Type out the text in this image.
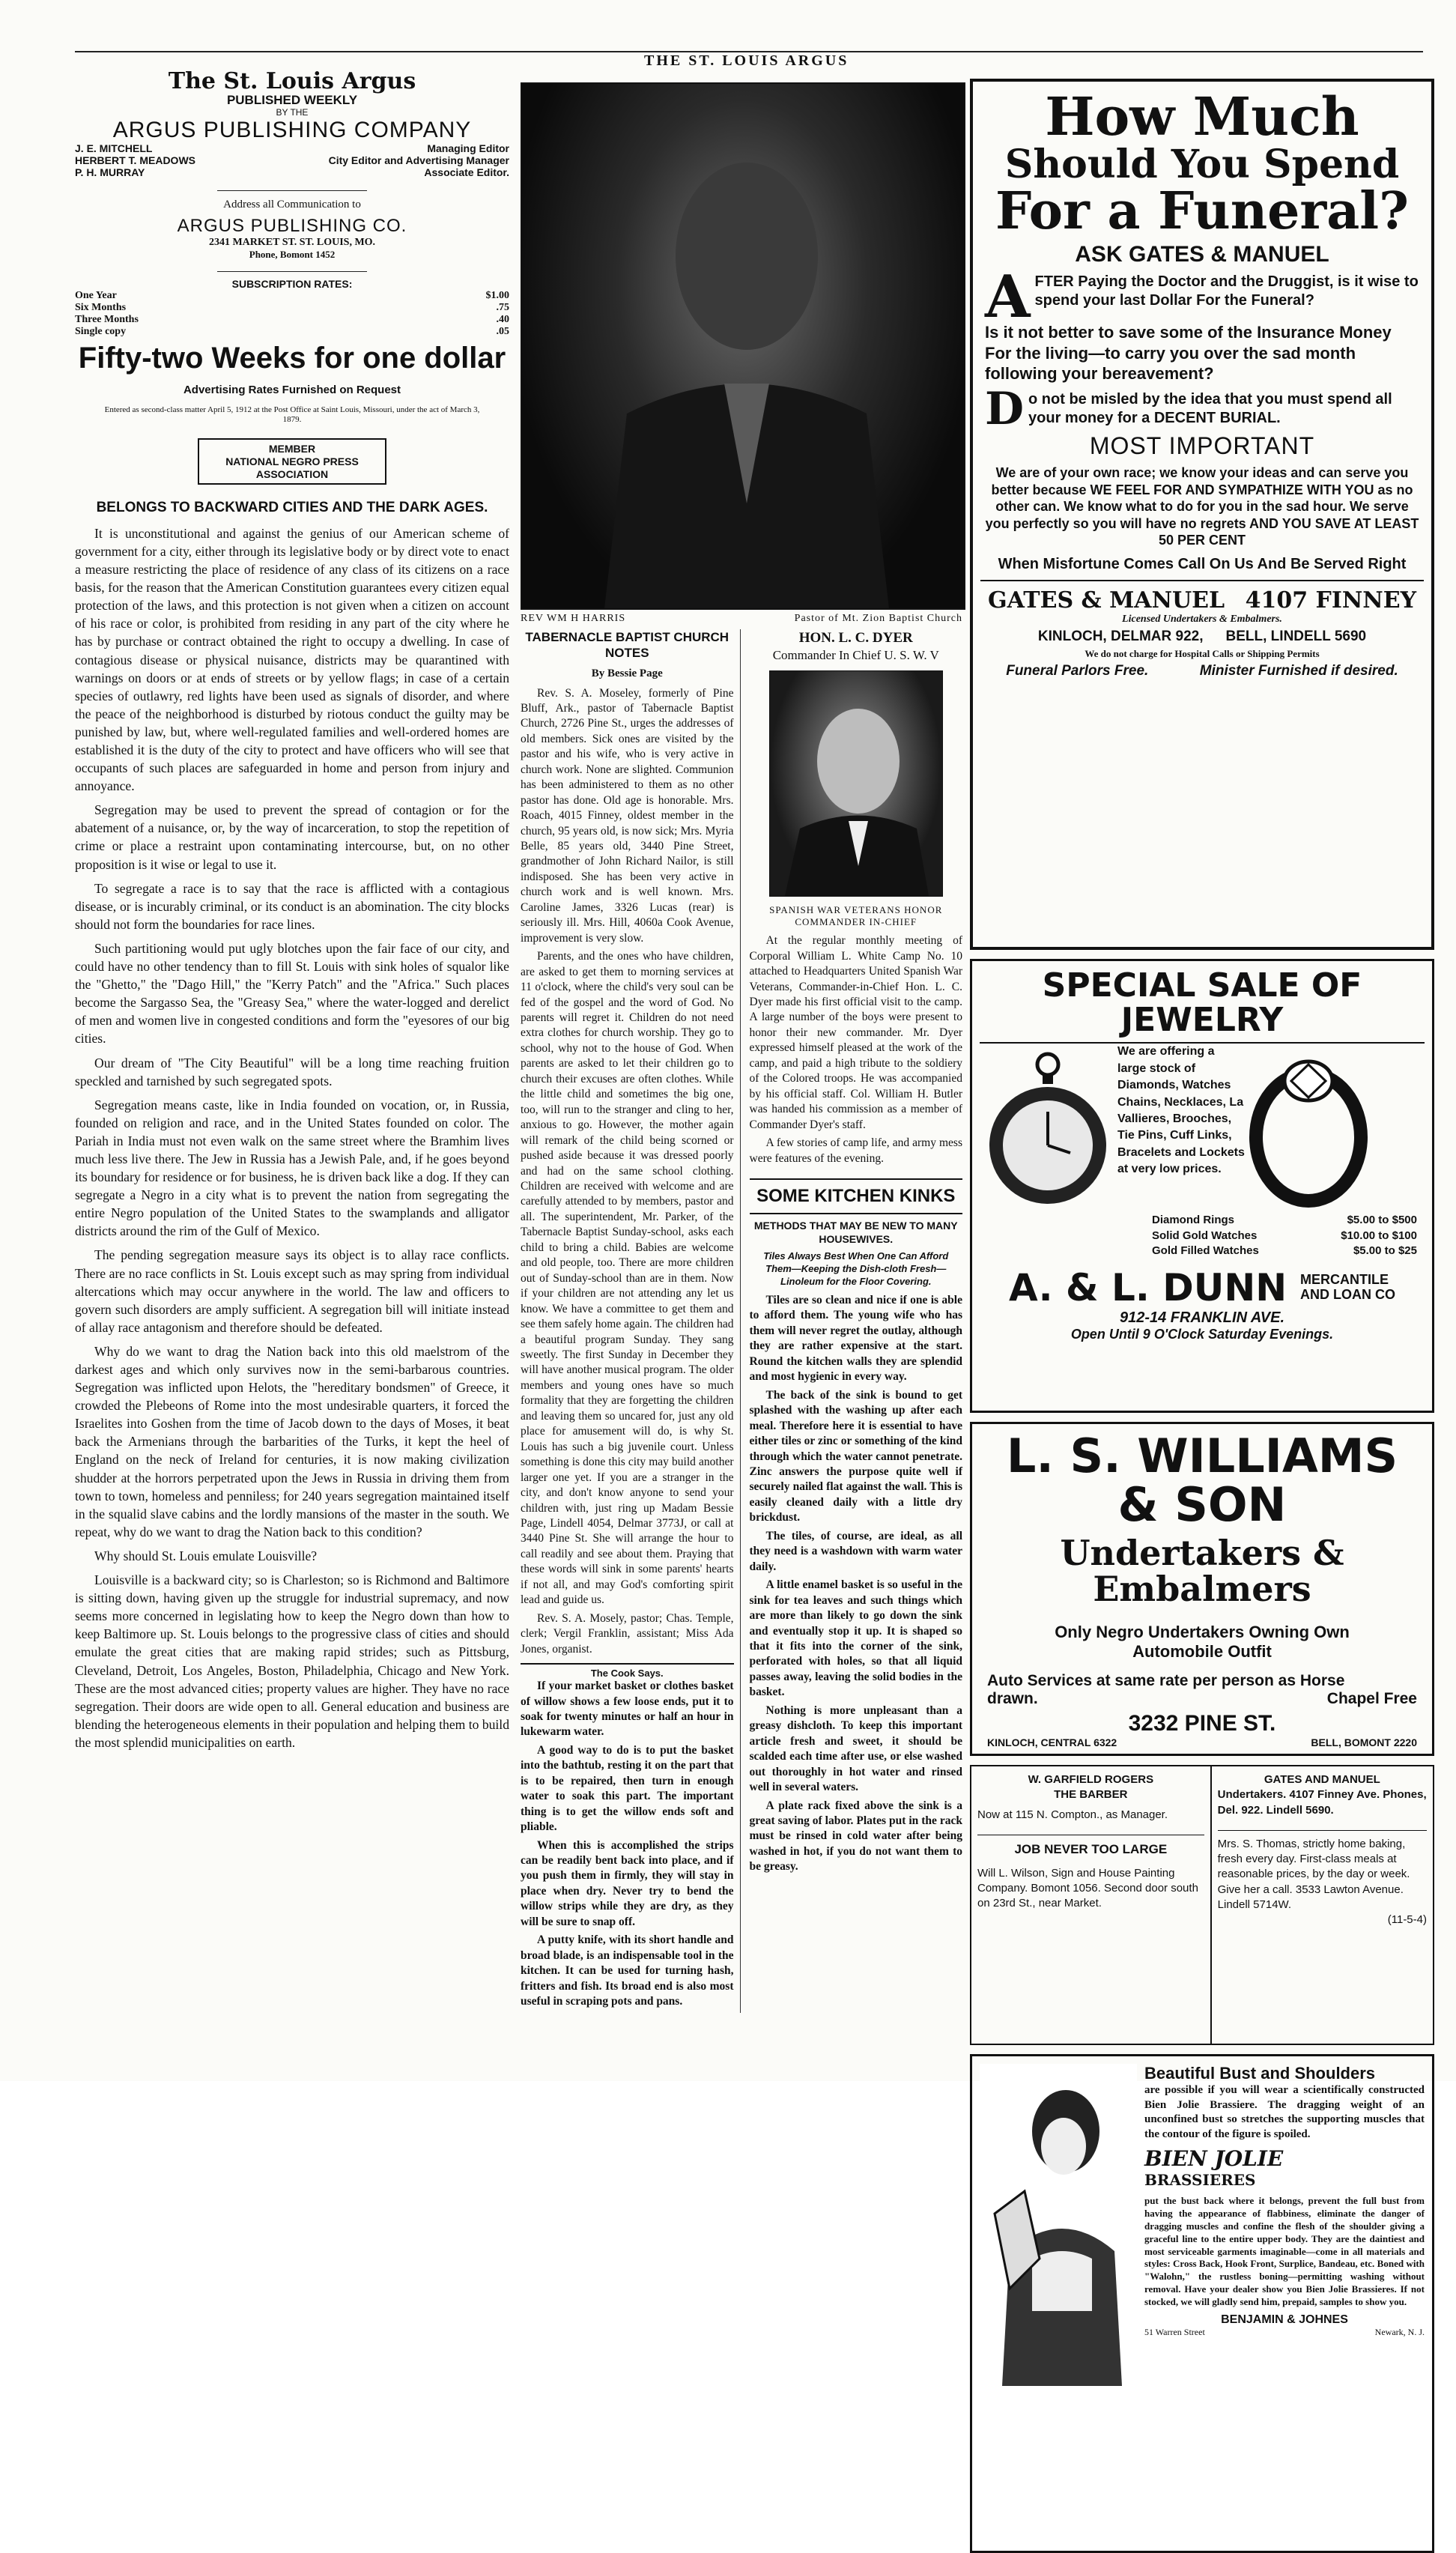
THE ST. LOUIS ARGUS
The St. Louis Argus
PUBLISHED WEEKLY
BY THE
ARGUS PUBLISHING COMPANY
J. E. MITCHELL	Managing Editor
HERBERT T. MEADOWS	City Editor and Advertising Manager
P. H. MURRAY	Associate Editor.
Address all Communication to
ARGUS PUBLISHING CO.
2341 MARKET ST. ST. LOUIS, MO.
Phone, Bomont 1452
SUBSCRIPTION RATES:
One Year	$1.00
Six Months	.75
Three Months	.40
Single copy	.05
Fifty-two Weeks for one dollar
Advertising Rates Furnished on Request
Entered as second-class matter April 5, 1912 at the Post Office at Saint Louis, Missouri, under the act of March 3, 1879.
MEMBER
NATIONAL NEGRO PRESS
ASSOCIATION
BELONGS TO BACKWARD CITIES AND THE DARK AGES.

It is unconstitutional and against the genius of our American scheme of government for a city, either through its legislative body or by direct vote to enact a measure restricting the place of residence of any class of its citizens on a race basis, for the reason that the American Constitution guarantees every citizen equal protection of the laws, and this protection is not given when a citizen on account of his race or color, is prohibited from residing in any part of the city where he has by purchase or contract obtained the right to occupy a dwelling. In case of contagious disease or physical nuisance, districts may be quarantined with warnings on doors or at ends of streets or by yellow flags; in case of a certain species of outlawry, red lights have been used as signals of disorder, and where the peace of the neighborhood is disturbed by riotous conduct the guilty may be punished by law, but, where well-regulated families and well-ordered homes are established it is the duty of the city to protect and have officers who will see that occupants of such places are safeguarded in home and person from injury and annoyance.

Segregation may be used to prevent the spread of contagion or for the abatement of a nuisance, or, by the way of incarceration, to stop the repetition of crime or place a restraint upon contaminating intercourse, but, on no other proposition is it wise or legal to use it.

To segregate a race is to say that the race is afflicted with a contagious disease, or is incurably criminal, or its conduct is an abomination. The city blocks should not form the boundaries for race lines.

Such partitioning would put ugly blotches upon the fair face of our city, and could have no other tendency than to fill St. Louis with sink holes of squalor like the "Ghetto," the "Dago Hill," the "Kerry Patch" and the "Africa." Such places become the Sargasso Sea, the "Greasy Sea," where the water-logged and derelict of men and women live in congested conditions and form the "eyesores of our big cities.

Our dream of "The City Beautiful" will be a long time reaching fruition speckled and tarnished by such segregated spots.

Segregation means caste, like in India founded on vocation, or, in Russia, founded on religion and race, and in the United States founded on color. The Pariah in India must not even walk on the same street where the Bramhim lives much less live there. The Jew in Russia has a Jewish Pale, and, if he goes beyond its boundary for residence or for business, he is driven back like a dog. If they can segregate a Negro in a city what is to prevent the nation from segregating the entire Negro population of the United States to the swamplands and alligator districts around the rim of the Gulf of Mexico.

The pending segregation measure says its object is to allay race conflicts. There are no race conflicts in St. Louis except such as may spring from individual altercations which may occur anywhere in the world. The law and officers to govern such disorders are amply sufficient. A segregation bill will initiate instead of allay race antagonism and therefore should be defeated.

Why do we want to drag the Nation back into this old maelstrom of the darkest ages and which only survives now in the semi-barbarous countries. Segregation was inflicted upon Helots, the "hereditary bondsmen" of Greece, it crowded the Plebeons of Rome into the most undesirable quarters, it forced the Israelites into Goshen from the time of Jacob down to the days of Moses, it beat back the Armenians through the barbarities of the Turks, it kept the heel of England on the neck of Ireland for centuries, it is now making civilization shudder at the horrors perpetrated upon the Jews in Russia in driving them from town to town, homeless and penniless; for 240 years segregation maintained itself in the squalid slave cabins and the lordly mansions of the master in the south. We repeat, why do we want to drag the Nation back to this condition?

Why should St. Louis emulate Louisville?

Louisville is a backward city; so is Charleston; so is Richmond and Baltimore is sitting down, having given up the struggle for industrial supremacy, and now seems more concerned in legislating how to keep the Negro down than how to keep Baltimore up. St. Louis belongs to the progressive class of cities and should emulate the great cities that are making rapid strides; such as Pittsburg, Cleveland, Detroit, Los Angeles, Boston, Philadelphia, Chicago and New York. These are the most advanced cities; property values are higher. They have no race segregation. Their doors are wide open to all. General education and business are blending the heterogeneous elements in their population and helping them to build the most splendid municipalities on earth.

REV WM H HARRIS	Pastor of Mt. Zion Baptist Church
TABERNACLE BAPTIST CHURCH NOTES
By Bessie Page

Rev. S. A. Moseley, formerly of Pine Bluff, Ark., pastor of Tabernacle Baptist Church, 2726 Pine St., urges the addresses of old members. Sick ones are visited by the pastor and his wife, who is very active in church work. None are slighted. Communion has been administered to them as no other pastor has done. Old age is honorable. Mrs. Roach, 4015 Finney, oldest member in the church, 95 years old, is now sick; Mrs. Myria Belle, 85 years old, 3440 Pine Street, grandmother of John Richard Nailor, is still indisposed. She has been very active in church work and is well known. Mrs. Caroline James, 3326 Lucas (rear) is seriously ill. Mrs. Hill, 4060a Cook Avenue, improvement is very slow.

Parents, and the ones who have children, are asked to get them to morning services at 11 o'clock, where the child's very soul can be fed of the gospel and the word of God. No parents will regret it. Children do not need extra clothes for church worship. They go to school, why not to the house of God. When parents are asked to let their children go to church their excuses are often clothes. While the little child and sometimes the big one, too, will run to the stranger and cling to her, anxious to go. However, the mother again will remark of the child being scorned or pushed aside because it was dressed poorly and had on the same school clothing. Children are received with welcome and are carefully attended to by members, pastor and all. The superintendent, Mr. Parker, of the Tabernacle Baptist Sunday-school, asks each child to bring a child. Babies are welcome and old people, too. There are more children out of Sunday-school than are in them. Now if your children are not attending any let us know. We have a committee to get them and see them safely home again. The children had a beautiful program Sunday. They sang sweetly. The first Sunday in December they will have another musical program. The older members and young ones have so much formality that they are forgetting the children and leaving them so uncared for, just any old place for amusement will do, is why St. Louis has such a big juvenile court. Unless something is done this city may build another larger one yet. If you are a stranger in the city, and don't know anyone to send your children with, just ring up Madam Bessie Page, Lindell 4054, Delmar 3773J, or call at 3440 Pine St. She will arrange the hour to call readily and see about them. Praying that these words will sink in some parents' hearts if not all, and may God's comforting spirit lead and guide us.

Rev. S. A. Mosely, pastor; Chas. Temple, clerk; Vergil Franklin, assistant; Miss Ada Jones, organist.

The Cook Says.

If your market basket or clothes basket of willow shows a few loose ends, put it to soak for twenty minutes or half an hour in lukewarm water.

A good way to do is to put the basket into the bathtub, resting it on the part that is to be repaired, then turn in enough water to soak this part. The important thing is to get the willow ends soft and pliable.

When this is accomplished the strips can be readily bent back into place, and if you push them in firmly, they will stay in place when dry. Never try to bend the willow strips while they are dry, as they will be sure to snap off.

A putty knife, with its short handle and broad blade, is an indispensable tool in the kitchen. It can be used for turning hash, fritters and fish. Its broad end is also most useful in scraping pots and pans.

HON. L. C. DYER
Commander In Chief U. S. W. V
SPANISH WAR VETERANS HONOR COMMANDER IN-CHIEF

At the regular monthly meeting of Corporal William L. White Camp No. 10 attached to Headquarters United Spanish War Veterans, Commander-in-Chief Hon. L. C. Dyer made his first official visit to the camp. A large number of the boys were present to honor their new commander. Mr. Dyer expressed himself pleased at the work of the camp, and paid a high tribute to the soldiery of the Colored troops. He was accompanied by his official staff. Col. William H. Butler was handed his commission as a member of Commander Dyer's staff.

A few stories of camp life, and army mess were features of the evening.

SOME KITCHEN KINKS
METHODS THAT MAY BE NEW TO MANY HOUSEWIVES.
Tiles Always Best When One Can Afford Them—Keeping the Dish-cloth Fresh—Linoleum for the Floor Covering.

Tiles are so clean and nice if one is able to afford them. The young wife who has them will never regret the outlay, although they are rather expensive at the start. Round the kitchen walls they are splendid and most hygienic in every way.

The back of the sink is bound to get splashed with the washing up after each meal. Therefore here it is essential to have either tiles or zinc or something of the kind through which the water cannot penetrate. Zinc answers the purpose quite well if securely nailed flat against the wall. This is easily cleaned daily with a little dry brickdust.

The tiles, of course, are ideal, as all they need is a washdown with warm water daily.

A little enamel basket is so useful in the sink for tea leaves and such things which are more than likely to go down the sink and eventually stop it up. It is shaped so that it fits into the corner of the sink, perforated with holes, so that all liquid passes away, leaving the solid bodies in the basket.

Nothing is more unpleasant than a greasy dishcloth. To keep this important article fresh and sweet, it should be scalded each time after use, or else washed out thoroughly in hot water and rinsed well in several waters.

A plate rack fixed above the sink is a great saving of labor. Plates put in the rack must be rinsed in cold water after being washed in hot, if you do not want them to be greasy.

How Much
Should You Spend
For a Funeral?
ASK GATES & MANUEL
AFTER Paying the Doctor and the Druggist, is it wise to spend your last Dollar For the Funeral?
Is it not better to save some of the Insurance Money For the living—to carry you over the sad month following your bereavement?
Do not be misled by the idea that you must spend all your money for a DECENT BURIAL.
MOST IMPORTANT
We are of your own race; we know your ideas and can serve you better because WE FEEL FOR AND SYMPATHIZE WITH YOU as no other can. We know what to do for you in the sad hour. We serve you perfectly so you will have no regrets AND YOU SAVE AT LEAST 50 PER CENT
When Misfortune Comes Call On Us And Be Served Right
GATES & MANUEL 4107 FINNEY
Licensed Undertakers & Embalmers.
KINLOCH, DELMAR 922, BELL, LINDELL 5690
We do not charge for Hospital Calls or Shipping Permits
Funeral Parlors Free.	Minister Furnished if desired.
SPECIAL SALE OF JEWELRY
We are offering a large stock of Diamonds, Watches Chains, Necklaces, La Vallieres, Brooches, Tie Pins, Cuff Links, Bracelets and Lockets at very low prices.
Diamond Rings	$5.00 to $500
Solid Gold Watches	$10.00 to $100
Gold Filled Watches	$5.00 to $25
A. & L. DUNN MERCANTILE
AND LOAN CO
912-14 FRANKLIN AVE.
Open Until 9 O'Clock Saturday Evenings.
L. S. WILLIAMS & SON
Undertakers & Embalmers
Only Negro Undertakers Owning Own
Automobile Outfit
Auto Services at same rate per person as Horse
drawn.	Chapel Free
3232 PINE ST.
KINLOCH, CENTRAL 6322	BELL, BOMONT 2220
W. GARFIELD ROGERS
THE BARBER
Now at 115 N. Compton., as Manager.
JOB NEVER TOO LARGE
Will L. Wilson, Sign and House Painting Company. Bomont 1056. Second door south on 23rd St., near Market.
GATES AND MANUEL
Undertakers. 4107 Finney Ave. Phones, Del. 922. Lindell 5690.
Mrs. S. Thomas, strictly home baking, fresh every day. First-class meals at reasonable prices, by the day or week. Give her a call. 3533 Lawton Avenue. Lindell 5714W.
(11-5-4)
Beautiful Bust and Shoulders
are possible if you will wear a scientifically constructed Bien Jolie Brassiere. The dragging weight of an unconfined bust so stretches the supporting muscles that the contour of the figure is spoiled.
BIEN JOLIE
BRASSIERES
put the bust back where it belongs, prevent the full bust from having the appearance of flabbiness, eliminate the danger of dragging muscles and confine the flesh of the shoulder giving a graceful line to the entire upper body. They are the daintiest and most serviceable garments imaginable—come in all materials and styles: Cross Back, Hook Front, Surplice, Bandeau, etc. Boned with "Walohn," the rustless boning—permitting washing without removal. Have your dealer show you Bien Jolie Brassieres. If not stocked, we will gladly send him, prepaid, samples to show you.
BENJAMIN & JOHNES
51 Warren Street	Newark, N. J.
